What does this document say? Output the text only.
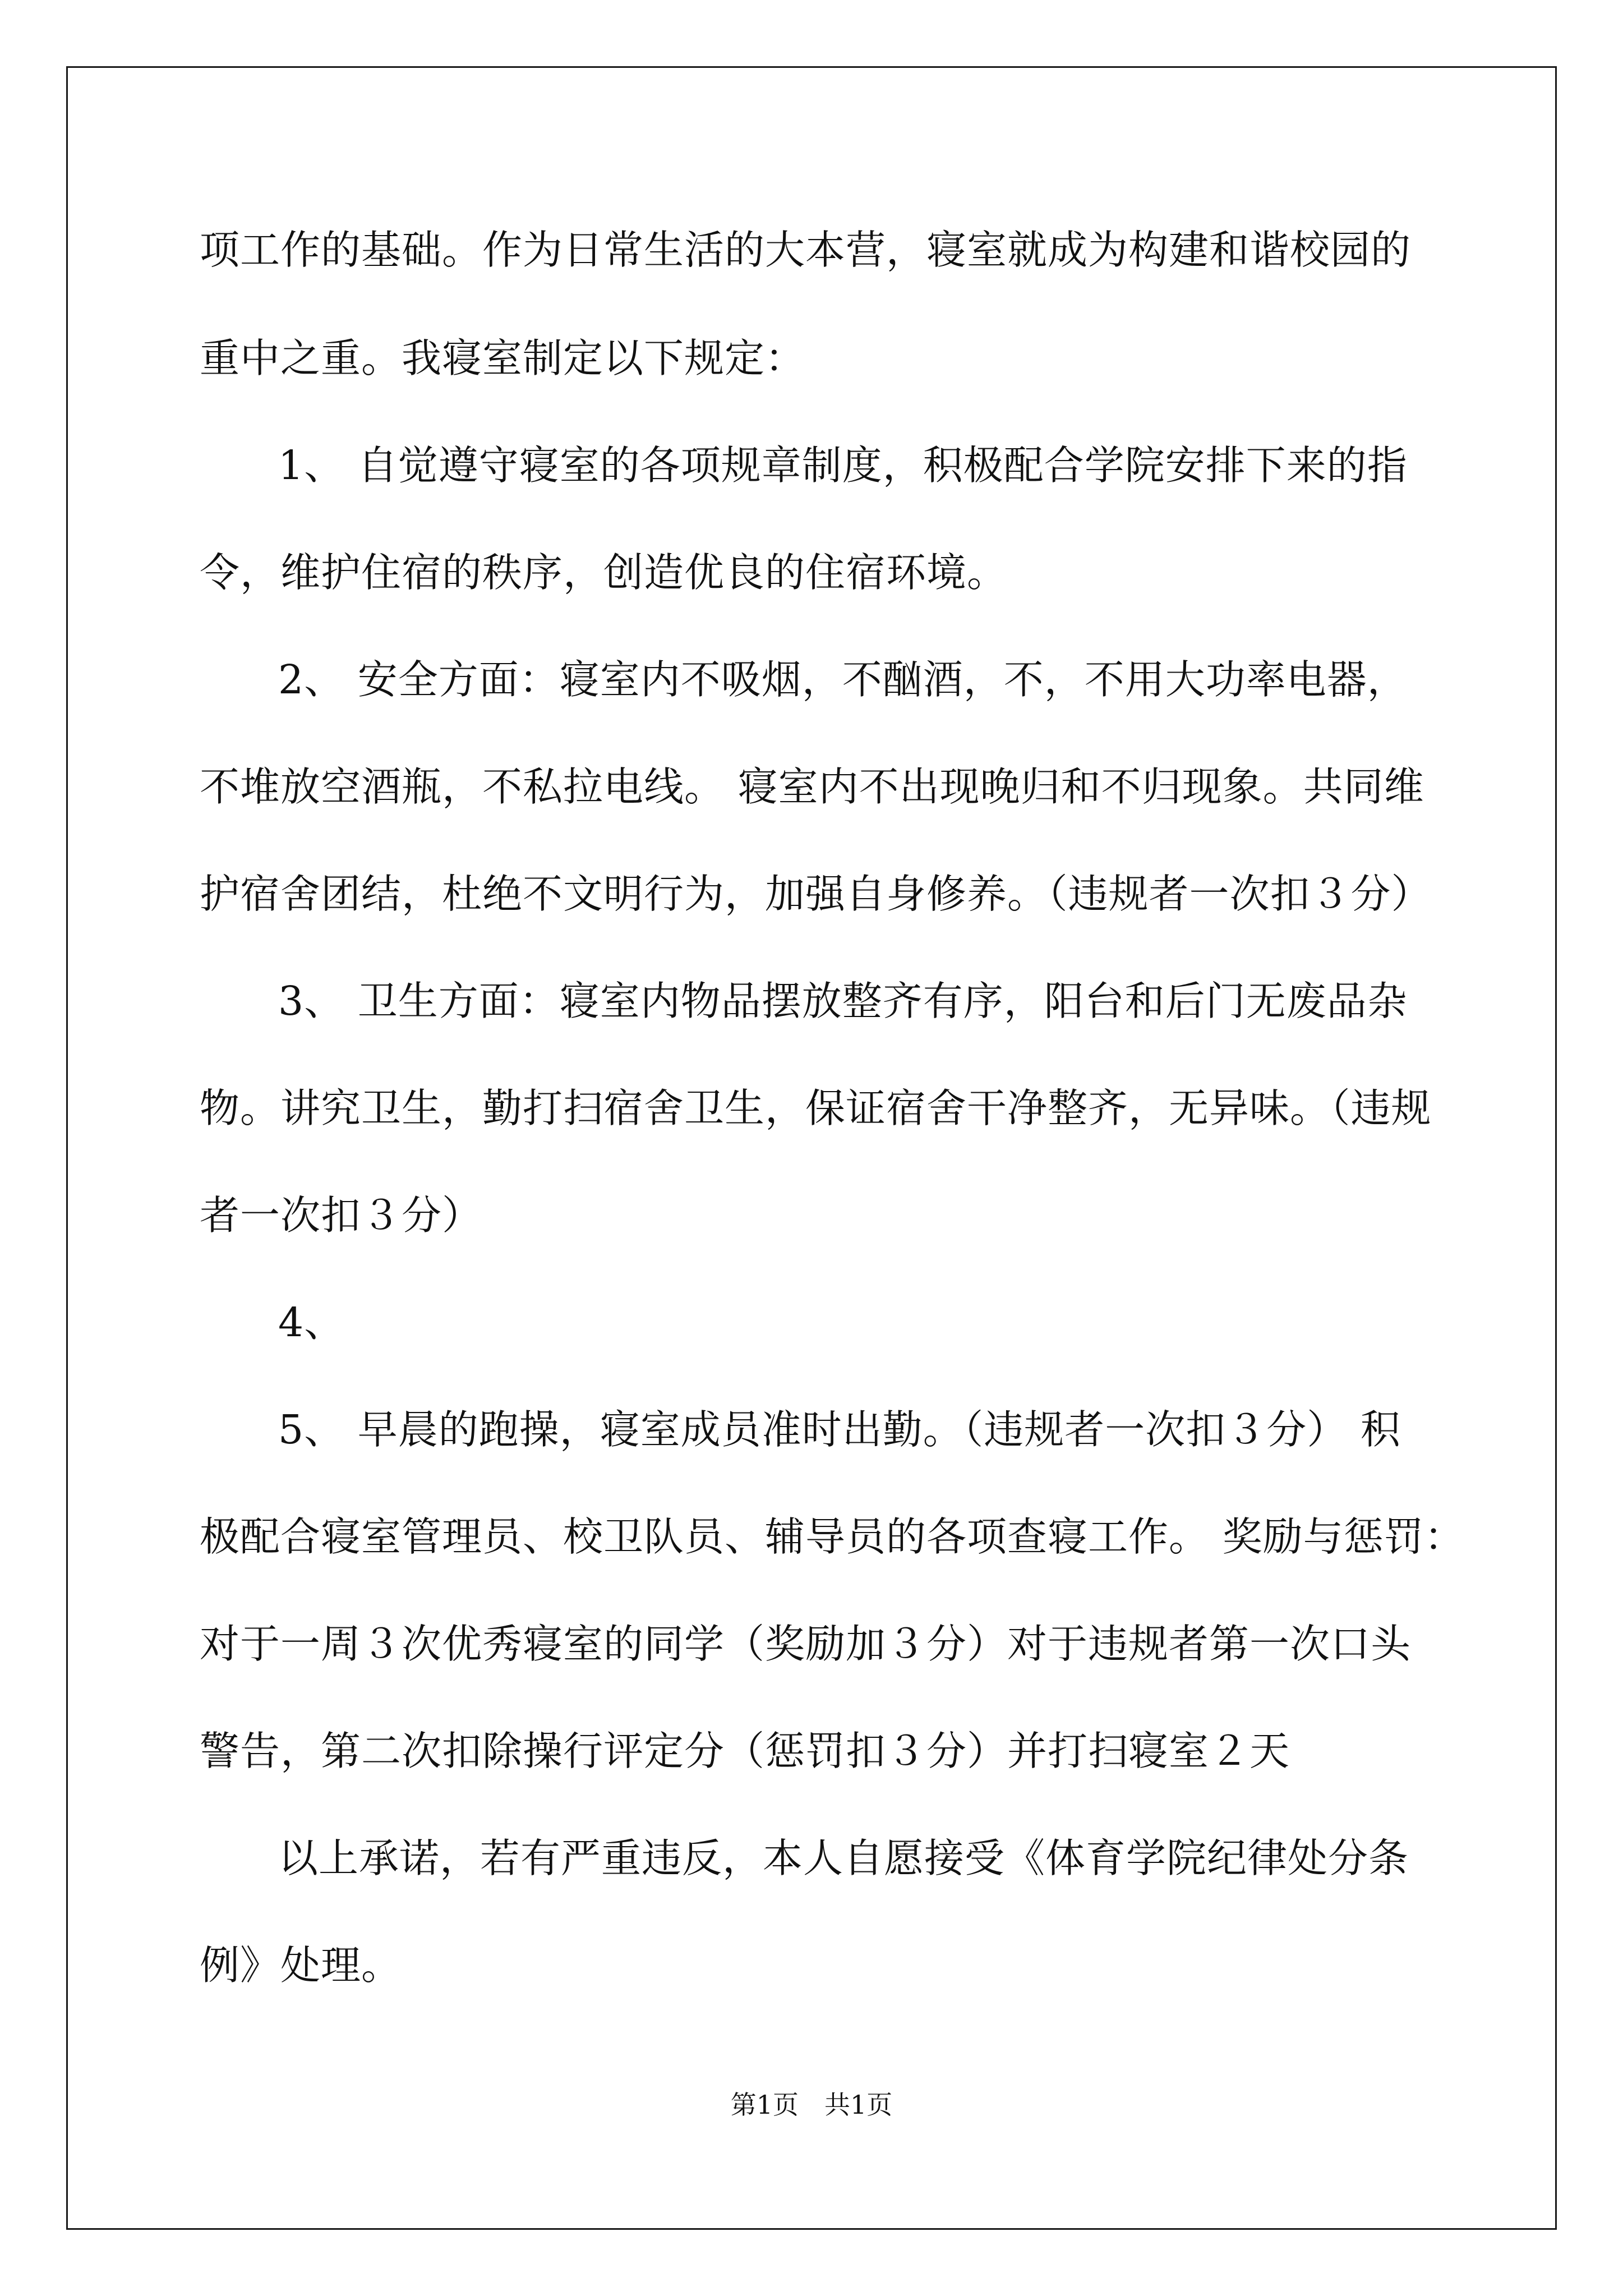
项工作的基础。作为日常生活的大本营，寝室就成为构建和谐校园的
重中之重。我寝室制定以下规定：
1、 自觉遵守寝室的各项规章制度，积极配合学院安排下来的指
令，维护住宿的秩序，创造优良的住宿环境。
2、 安全方面：寝室内不吸烟，不酗酒，不，不用大功率电器，
不堆放空酒瓶，不私拉电线。 寝室内不出现晚归和不归现象。共同维
护宿舍团结，杜绝不文明行为，加强自身修养。（违规者一次扣３分）
3、 卫生方面：寝室内物品摆放整齐有序，阳台和后门无废品杂
物。讲究卫生，勤打扫宿舍卫生，保证宿舍干净整齐，无异味。（违规
者一次扣３分）
4、
5、 早晨的跑操，寝室成员准时出勤。（违规者一次扣３分） 积
极配合寝室管理员、校卫队员、辅导员的各项查寝工作。 奖励与惩罚：
对于一周３次优秀寝室的同学（奖励加３分）对于违规者第一次口头
警告，第二次扣除操行评定分（惩罚扣３分）并打扫寝室２天
以上承诺，若有严重违反，本人自愿接受《体育学院纪律处分条
例》处理。
第1页　共1页
